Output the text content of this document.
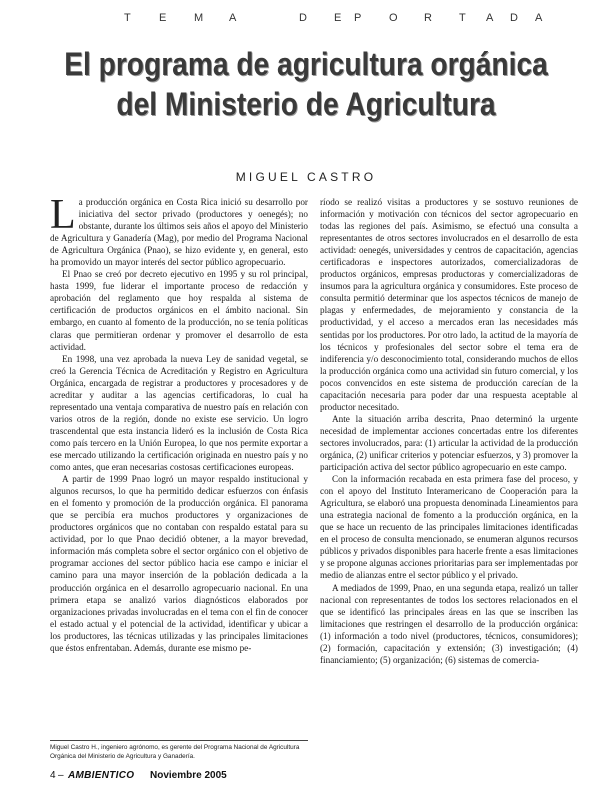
T	E	M A	D E P	O R T A D A
El programa de agricultura orgánica
del Ministerio de Agricultura
MIGUEL CASTRO

La producción orgánica en Costa Rica inició su desarrollo por iniciativa del sector privado (productores y oenegés); no obstante, durante los últimos seis años el apoyo del Ministerio de Agricultura y Ganadería (Mag), por medio del Programa Nacional de Agricultura Orgánica (Pnao), se hizo evidente y, en general, esto ha promovido un mayor interés del sector público agropecuario.

El Pnao se creó por decreto ejecutivo en 1995 y su rol principal, hasta 1999, fue liderar el importante proceso de redacción y aprobación del reglamento que hoy respalda al sistema de certificación de productos orgánicos en el ámbito nacional. Sin embargo, en cuanto al fomento de la producción, no se tenía políticas claras que permitieran ordenar y promover el desarrollo de esta actividad.

En 1998, una vez aprobada la nueva Ley de sanidad vegetal, se creó la Gerencia Técnica de Acreditación y Registro en Agricultura Orgánica, encargada de registrar a productores y procesadores y de acreditar y auditar a las agencias certificadoras, lo cual ha representado una ventaja comparativa de nuestro país en relación con varios otros de la región, donde no existe ese servicio. Un logro trascendental que esta instancia lideró es la inclusión de Costa Rica como país tercero en la Unión Europea, lo que nos permite exportar a ese mercado utilizando la certificación originada en nuestro país y no como antes, que eran necesarias costosas certificaciones europeas.

A partir de 1999 Pnao logró un mayor respaldo institucional y algunos recursos, lo que ha permitido dedicar esfuerzos con énfasis en el fomento y promoción de la producción orgánica. El panorama que se percibía era muchos productores y organizaciones de productores orgánicos que no contaban con respaldo estatal para su actividad, por lo que Pnao decidió obtener, a la mayor brevedad, información más completa sobre el sector orgánico con el objetivo de programar acciones del sector público hacia ese campo e iniciar el camino para una mayor inserción de la población dedicada a la producción orgánica en el desarrollo agropecuario nacional. En una primera etapa se analizó varios diagnósticos elaborados por organizaciones privadas involucradas en el tema con el fin de conocer el estado actual y el potencial de la actividad, identificar y ubicar a los productores, las técnicas utilizadas y las principales limitaciones que éstos enfrentaban. Además, durante ese mismo pe-

ríodo se realizó visitas a productores y se sostuvo reuniones de información y motivación con técnicos del sector agropecuario en todas las regiones del país. Asimismo, se efectuó una consulta a representantes de otros sectores involucrados en el desarrollo de esta actividad: oenegés, universidades y centros de capacitación, agencias certificadoras e inspectores autorizados, comercializadoras de productos orgánicos, empresas productoras y comercializadoras de insumos para la agricultura orgánica y consumidores. Este proceso de consulta permitió determinar que los aspectos técnicos de manejo de plagas y enfermedades, de mejoramiento y constancia de la productividad, y el acceso a mercados eran las necesidades más sentidas por los productores. Por otro lado, la actitud de la mayoría de los técnicos y profesionales del sector sobre el tema era de indiferencia y/o desconocimiento total, considerando muchos de ellos la producción orgánica como una actividad sin futuro comercial, y los pocos convencidos en este sistema de producción carecían de la capacitación necesaria para poder dar una respuesta aceptable al productor necesitado.

Ante la situación arriba descrita, Pnao determinó la urgente necesidad de implementar acciones concertadas entre los diferentes sectores involucrados, para: (1) articular la actividad de la producción orgánica, (2) unificar criterios y potenciar esfuerzos, y 3) promover la participación activa del sector público agropecuario en este campo.

Con la información recabada en esta primera fase del proceso, y con el apoyo del Instituto Interamericano de Cooperación para la Agricultura, se elaboró una propuesta denominada Lineamientos para una estrategia nacional de fomento a la producción orgánica, en la que se hace un recuento de las principales limitaciones identificadas en el proceso de consulta mencionado, se enumeran algunos recursos públicos y privados disponibles para hacerle frente a esas limitaciones y se propone algunas acciones prioritarias para ser implementadas por medio de alianzas entre el sector público y el privado.

A mediados de 1999, Pnao, en una segunda etapa, realizó un taller nacional con representantes de todos los sectores relacionados en el que se identificó las principales áreas en las que se inscriben las limitaciones que restringen el desarrollo de la producción orgánica: (1) información a todo nivel (productores, técnicos, consumidores); (2) formación, capacitación y extensión; (3) investigación; (4) financiamiento; (5) organización; (6) sistemas de comercia-

Miguel Castro H., ingeniero agrónomo, es gerente del Programa Nacional de Agricultura Orgánica del Ministerio de Agricultura y Ganadería.

4 – AMBIENTICO Noviembre 2005
